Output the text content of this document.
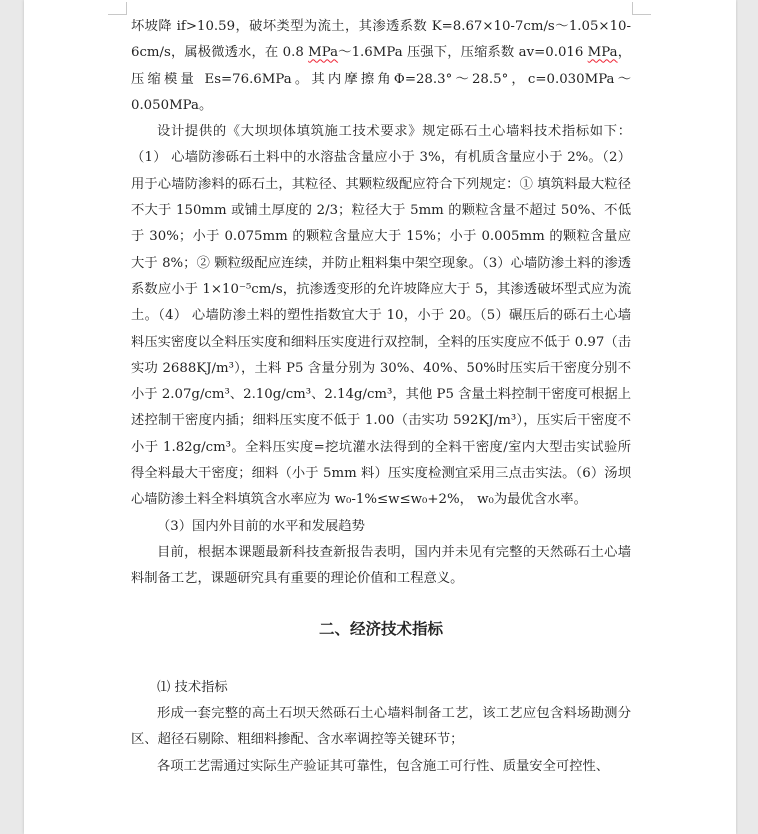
坏坡降 if>10.59，破坏类型为流土，其渗透系数 K=8.67×10-7cm/s～1.05×10-6cm/s，属极微透水，在 0.8 MPa～1.6MPa 压强下，压缩系数 av=0.016 MPa，压缩模量 Es=76.6MPa。其内摩擦角Φ=28.3°～28.5°，c=0.030MPa～0.050MPa。

设计提供的《大坝坝体填筑施工技术要求》规定砾石土心墙料技术指标如下：（1） 心墙防渗砾石土料中的水溶盐含量应小于 3%，有机质含量应小于 2%。（2）用于心墙防渗料的砾石土，其粒径、其颗粒级配应符合下列规定：① 填筑料最大粒径不大于 150mm 或铺土厚度的 2/3；粒径大于 5mm 的颗粒含量不超过 50%、不低于 30%；小于 0.075mm 的颗粒含量应大于 15%；小于 0.005mm 的颗粒含量应大于 8%；② 颗粒级配应连续，并防止粗料集中架空现象。（3）心墙防渗土料的渗透系数应小于 1×10⁻⁵cm/s，抗渗透变形的允许坡降应大于 5，其渗透破坏型式应为流土。（4） 心墙防渗土料的塑性指数宜大于 10，小于 20。（5）碾压后的砾石土心墙料压实密度以全料压实度和细料压实度进行双控制，全料的压实度应不低于 0.97（击实功 2688KJ/m³），土料 P5 含量分别为 30%、40%、50%时压实后干密度分别不小于 2.07g/cm³、2.10g/cm³、2.14g/cm³，其他 P5 含量土料控制干密度可根据上述控制干密度内插；细料压实度不低于 1.00（击实功 592KJ/m³），压实后干密度不小于 1.82g/cm³。全料压实度=挖坑灌水法得到的全料干密度/室内大型击实试验所得全料最大干密度；细料（小于 5mm 料）压实度检测宜采用三点击实法。（6）汤坝心墙防渗土料全料填筑含水率应为 w₀-1%≤w≤w₀+2%， w₀为最优含水率。

（3）国内外目前的水平和发展趋势

目前，根据本课题最新科技查新报告表明，国内并未见有完整的天然砾石土心墙料制备工艺，课题研究具有重要的理论价值和工程意义。

二、经济技术指标

⑴ 技术指标

形成一套完整的高土石坝天然砾石土心墙料制备工艺，该工艺应包含料场勘测分区、超径石剔除、粗细料掺配、含水率调控等关键环节；

各项工艺需通过实际生产验证其可靠性，包含施工可行性、质量安全可控性、
